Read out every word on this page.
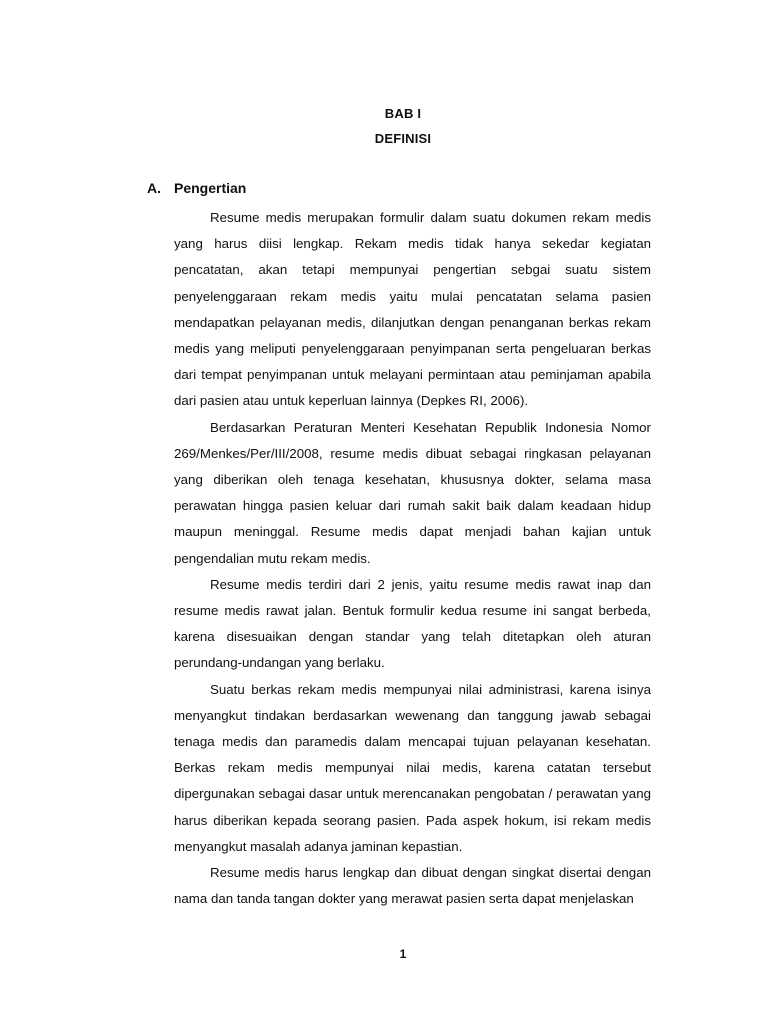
BAB I
DEFINISI
A. Pengertian

Resume medis merupakan formulir dalam suatu dokumen rekam medis yang harus diisi lengkap. Rekam medis tidak hanya sekedar kegiatan pencatatan, akan tetapi mempunyai pengertian sebgai suatu sistem penyelenggaraan rekam medis yaitu mulai pencatatan selama pasien mendapatkan pelayanan medis, dilanjutkan dengan penanganan berkas rekam medis yang meliputi penyelenggaraan penyimpanan serta pengeluaran berkas dari tempat penyimpanan untuk melayani permintaan atau peminjaman apabila dari pasien atau untuk keperluan lainnya (Depkes RI, 2006).

Berdasarkan Peraturan Menteri Kesehatan Republik Indonesia Nomor 269/Menkes/Per/III/2008, resume medis dibuat sebagai ringkasan pelayanan yang diberikan oleh tenaga kesehatan, khususnya dokter, selama masa perawatan hingga pasien keluar dari rumah sakit baik dalam keadaan hidup maupun meninggal. Resume medis dapat menjadi bahan kajian untuk pengendalian mutu rekam medis.

Resume medis terdiri dari 2 jenis, yaitu resume medis rawat inap dan resume medis rawat jalan. Bentuk formulir kedua resume ini sangat berbeda, karena disesuaikan dengan standar yang telah ditetapkan oleh aturan perundang-undangan yang berlaku.

Suatu berkas rekam medis mempunyai nilai administrasi, karena isinya menyangkut tindakan berdasarkan wewenang dan tanggung jawab sebagai tenaga medis dan paramedis dalam mencapai tujuan pelayanan kesehatan. Berkas rekam medis mempunyai nilai medis, karena catatan tersebut dipergunakan sebagai dasar untuk merencanakan pengobatan / perawatan yang harus diberikan kepada seorang pasien. Pada aspek hokum, isi rekam medis menyangkut masalah adanya jaminan kepastian.

Resume medis harus lengkap dan dibuat dengan singkat disertai dengan nama dan tanda tangan dokter yang merawat pasien serta dapat menjelaskan

1
